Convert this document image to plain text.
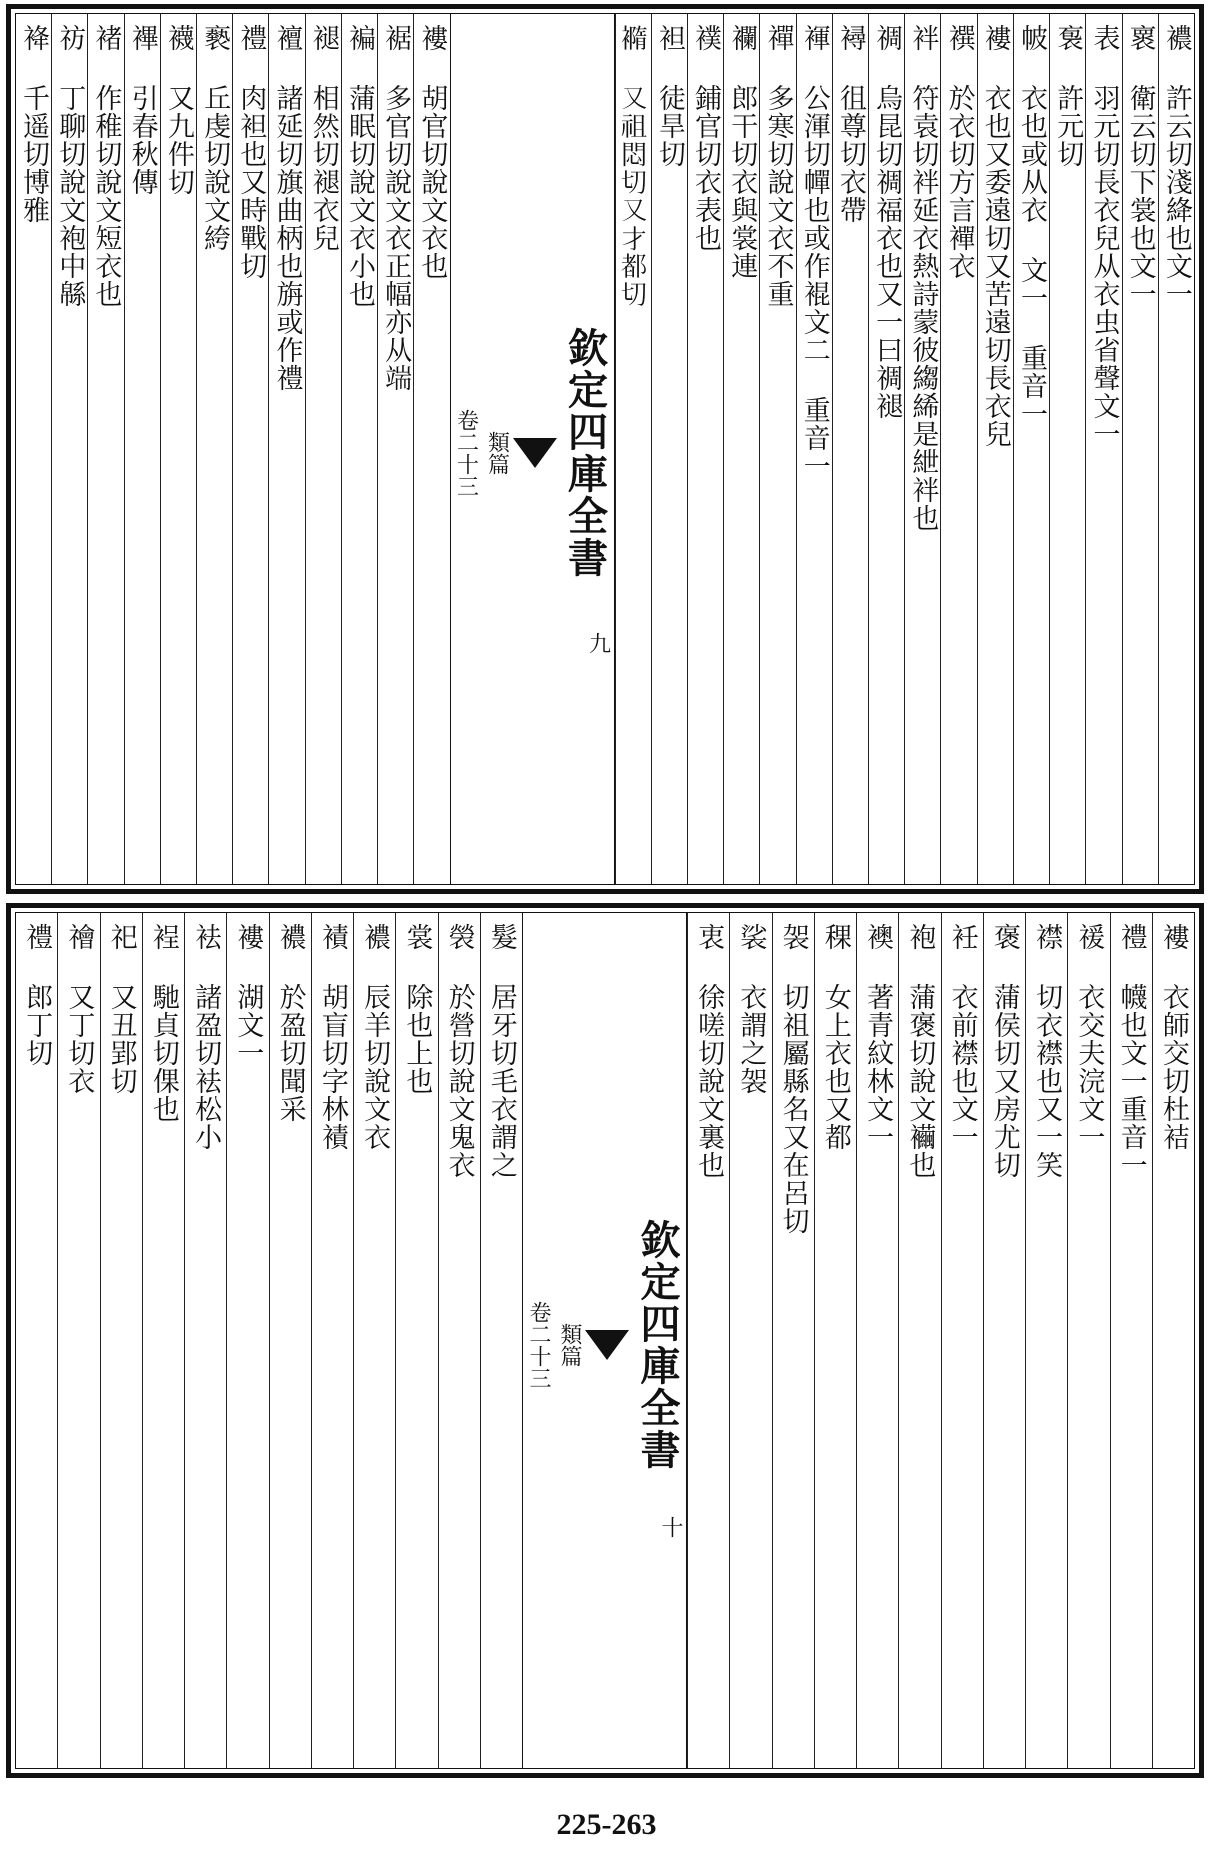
襛 許云切淺絳也文一
褱 衛云切下裳也文一
表 羽元切長衣兒从衣虫省聲文一
袌 許元切
帔 衣也或从衣 文一 重音一
褸 衣也又委遠切又苦遠切長衣兒
襈 於衣切方言襌衣
袢 符袁切袢延衣熱詩蒙彼縐絺是紲袢也
禂 烏昆切禂福衣也又一曰禂褪
襑 徂尊切衣帶
褌 公渾切幝也或作裩文二 重音一
禪 多寒切說文衣不重
襴 郎干切衣與裳連
襆 鋪官切衣表也
袒 徒旱切
𧝍 又祖悶切又才都切
欽定四庫全書
類篇
卷二十三
九
褸 胡官切說文衣也
裾 多官切說文衣正幅亦从端
褊 蒲眠切說文衣小也
褪 相然切褪衣兒
襢 諸延切旗曲柄也旃或作禮
禮 肉袒也又時戰切
褻 丘虔切說文絝
襪 又九件切
襅 引春秋傳
褚 作稚切說文短衣也
祊 丁聊切說文袍中緜
袶 千遥切博雅
褸 衣師交切杜袺
禮 幭也文一重音一
禐 衣交夫浣文一
襟 切衣襟也又一笑
褒 蒲侯切又房尤切
衽 衣前襟也文一
袍 蒲褒切說文襺也
襖 著青紋林文一
稞 女上衣也又都
袈 切祖屬縣名又在呂切
裟 衣謂之袈
衷 徐嗟切說文裏也
欽定四庫全書
類篇
卷二十三
十
髮 居牙切毛衣謂之
褮 於營切說文鬼衣
裳 除也上也
襛 辰羊切說文衣
襀 胡盲切字林襀
襛 於盈切聞采
褸 湖文一
袪 諸盈切袪松小
裎 馳貞切倮也
祀 又丑郢切
禬 又丁切衣
禮 郎丁切
225-263
